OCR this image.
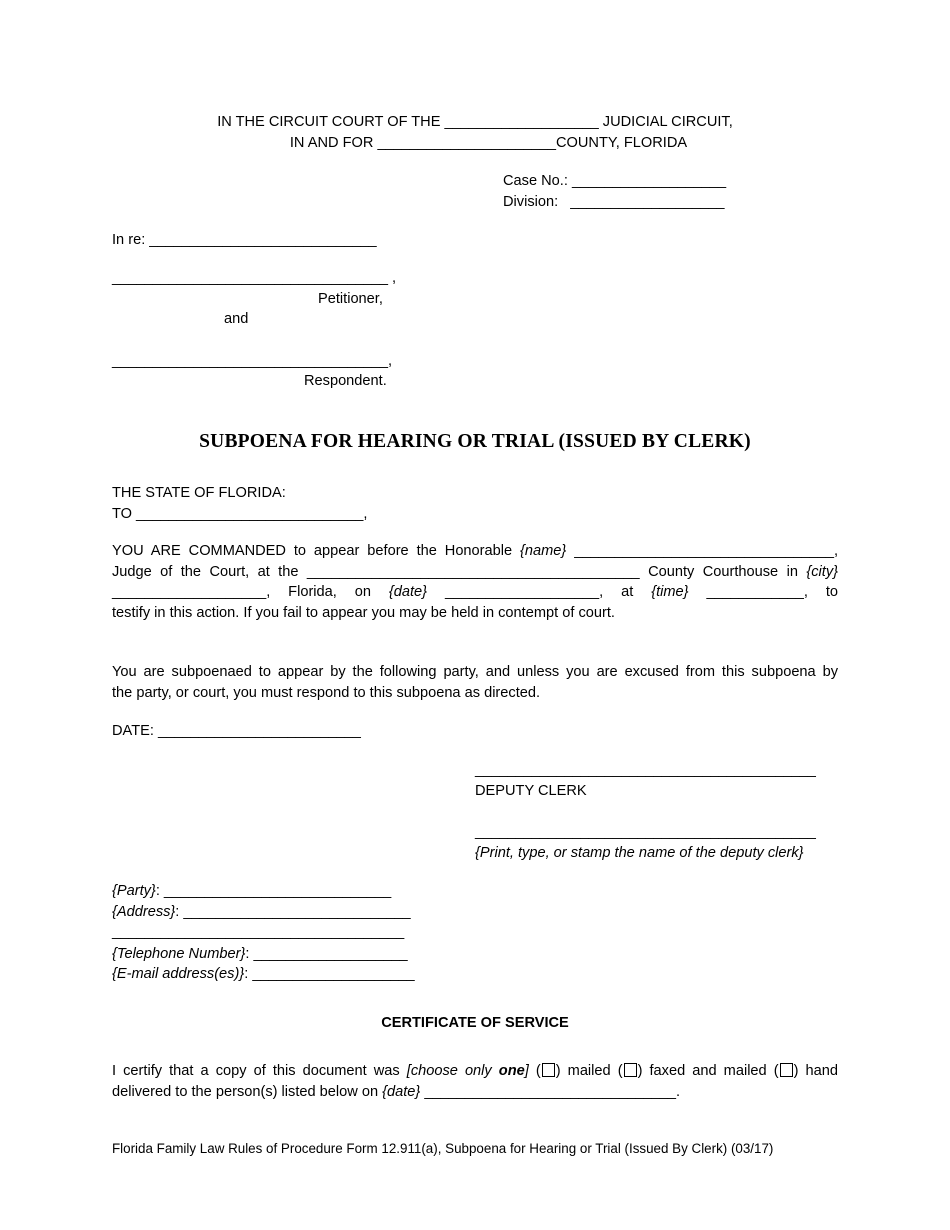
IN THE CIRCUIT COURT OF THE ___________________ JUDICIAL CIRCUIT,
IN AND FOR ______________________COUNTY, FLORIDA
Case No.: ___________________
Division:   ___________________
In re: ____________________________
__________________________________ ,
Petitioner,
and
__________________________________,
Respondent.
SUBPOENA FOR HEARING OR TRIAL (ISSUED BY CLERK)
THE STATE OF FLORIDA:
TO ____________________________,
YOU ARE COMMANDED to appear before the Honorable {name} ________________________________,
Judge of the Court, at the _________________________________________ County Courthouse in {city}
___________________, Florida, on {date} ___________________, at {time} ____________, to
testify in this action. If you fail to appear you may be held in contempt of court.
You are subpoenaed to appear by the following party, and unless you are excused from this subpoena by
the party, or court, you must respond to this subpoena as directed.
DATE: _________________________
__________________________________________
DEPUTY CLERK
__________________________________________
{Print, type, or stamp the name of the deputy clerk}
{Party}: ____________________________
{Address}: ____________________________
____________________________________
{Telephone Number}: ___________________
{E-mail address(es)}: ____________________
CERTIFICATE OF SERVICE
I certify that a copy of this document was [choose only one] ( ) mailed ( ) faxed and mailed ( ) hand
delivered to the person(s) listed below on {date} _______________________________.
Florida Family Law Rules of Procedure Form 12.911(a), Subpoena for Hearing or Trial (Issued By Clerk) (03/17)
